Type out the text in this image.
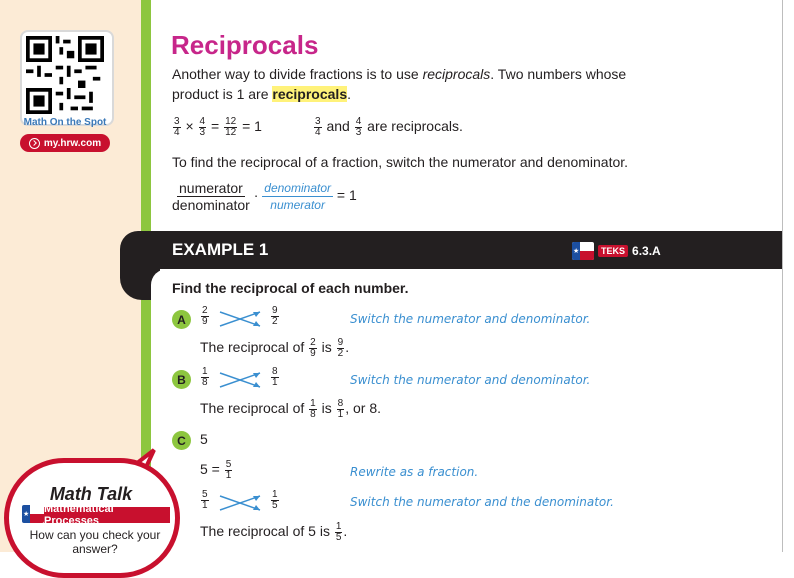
Math On the Spot
my.hrw.com
Reciprocals
Another way to divide fractions is to use reciprocals. Two numbers whose
product is 1 are reciprocals.
$\frac{3}{4} \times \frac{4}{3} = \frac{12}{12} = 1$	$\frac{3}{4}$ and $\frac{4}{3}$ are reciprocals.
To find the reciprocal of a fraction, switch the numerator and denominator.
numerator
denominator
· denominator
numerator
= 1
EXAMPLE 1	★	TEKS 6.3.A
Find the reciprocal of each number.
A	$\frac{2}{9}$	$\frac{9}{2}$	Switch the numerator and denominator.
The reciprocal of $\frac{2}{9}$ is $\frac{9}{2}$ .
B	$\frac{1}{8}$	$\frac{8}{1}$	Switch the numerator and denominator.
The reciprocal of $\frac{1}{8}$ is $\frac{8}{1}$ , or 8.
C	5
$5 = \frac{5}{1}$	Rewrite as a fraction.
$\frac{5}{1}$	$\frac{1}{5}$	Switch the numerator and the denominator.
The reciprocal of 5 is $\frac{1}{5}$ .
Math Talk
★ Mathematical Processes
How can you check your answer?
